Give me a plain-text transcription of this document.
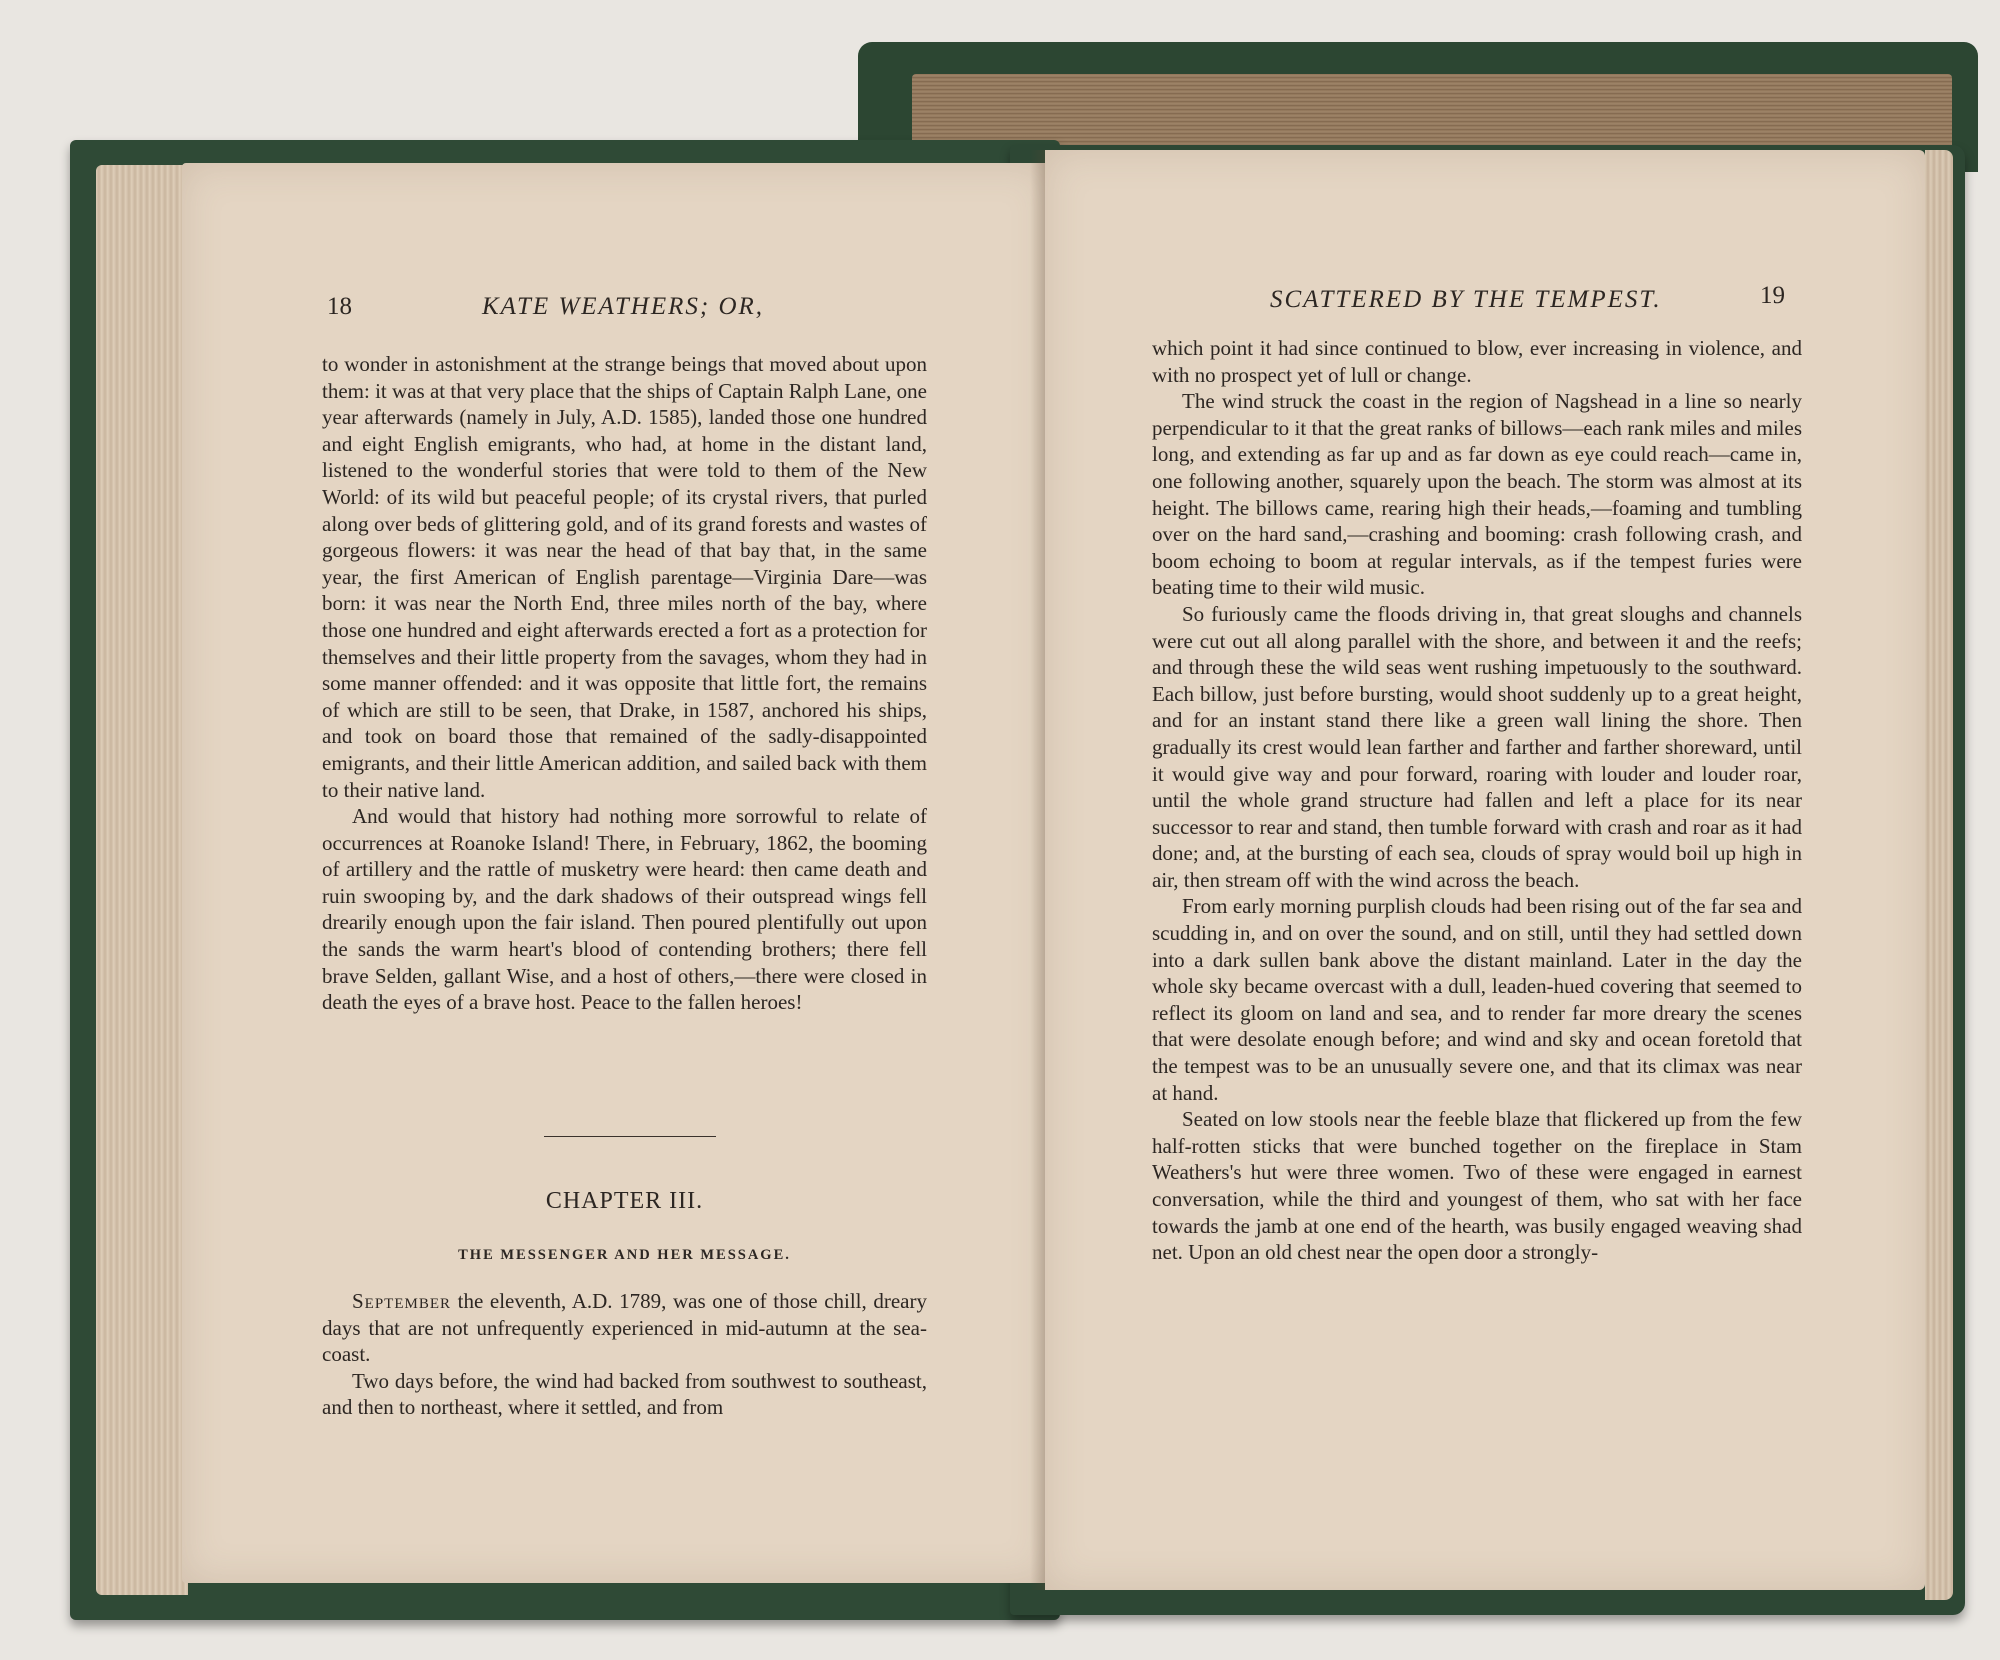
18	KATE WEATHERS; OR,

to wonder in astonishment at the strange beings that moved about upon them: it was at that very place that the ships of Captain Ralph Lane, one year afterwards (namely in July, A.D. 1585), landed those one hundred and eight English emigrants, who had, at home in the distant land, listened to the wonderful stories that were told to them of the New World: of its wild but peaceful people; of its crystal rivers, that purled along over beds of glittering gold, and of its grand forests and wastes of gorgeous flowers: it was near the head of that bay that, in the same year, the first American of English parentage—Virginia Dare—was born: it was near the North End, three miles north of the bay, where those one hundred and eight afterwards erected a fort as a protection for themselves and their little property from the savages, whom they had in some manner offended: and it was opposite that little fort, the remains of which are still to be seen, that Drake, in 1587, anchored his ships, and took on board those that remained of the sadly-disappointed emigrants, and their little American addition, and sailed back with them to their native land.

And would that history had nothing more sorrowful to relate of occurrences at Roanoke Island! There, in February, 1862, the booming of artillery and the rattle of musketry were heard: then came death and ruin swooping by, and the dark shadows of their outspread wings fell drearily enough upon the fair island. Then poured plentifully out upon the sands the warm heart's blood of contending brothers; there fell brave Selden, gallant Wise, and a host of others,—there were closed in death the eyes of a brave host. Peace to the fallen heroes!

CHAPTER III.
THE MESSENGER AND HER MESSAGE.

September the eleventh, A.D. 1789, was one of those chill, dreary days that are not unfrequently experienced in mid-autumn at the sea-coast.

Two days before, the wind had backed from southwest to southeast, and then to northeast, where it settled, and from

SCATTERED BY THE TEMPEST.	19

which point it had since continued to blow, ever increasing in violence, and with no prospect yet of lull or change.

The wind struck the coast in the region of Nagshead in a line so nearly perpendicular to it that the great ranks of billows—each rank miles and miles long, and extending as far up and as far down as eye could reach—came in, one following another, squarely upon the beach. The storm was almost at its height. The billows came, rearing high their heads,—foaming and tumbling over on the hard sand,—crashing and booming: crash following crash, and boom echoing to boom at regular intervals, as if the tempest furies were beating time to their wild music.

So furiously came the floods driving in, that great sloughs and channels were cut out all along parallel with the shore, and between it and the reefs; and through these the wild seas went rushing impetuously to the southward. Each billow, just before bursting, would shoot suddenly up to a great height, and for an instant stand there like a green wall lining the shore. Then gradually its crest would lean farther and farther and farther shoreward, until it would give way and pour forward, roaring with louder and louder roar, until the whole grand structure had fallen and left a place for its near successor to rear and stand, then tumble forward with crash and roar as it had done; and, at the bursting of each sea, clouds of spray would boil up high in air, then stream off with the wind across the beach.

From early morning purplish clouds had been rising out of the far sea and scudding in, and on over the sound, and on still, until they had settled down into a dark sullen bank above the distant mainland. Later in the day the whole sky became overcast with a dull, leaden-hued covering that seemed to reflect its gloom on land and sea, and to render far more dreary the scenes that were desolate enough before; and wind and sky and ocean foretold that the tempest was to be an unusually severe one, and that its climax was near at hand.

Seated on low stools near the feeble blaze that flickered up from the few half-rotten sticks that were bunched together on the fireplace in Stam Weathers's hut were three women. Two of these were engaged in earnest conversation, while the third and youngest of them, who sat with her face towards the jamb at one end of the hearth, was busily engaged weaving shad net. Upon an old chest near the open door a strongly-
